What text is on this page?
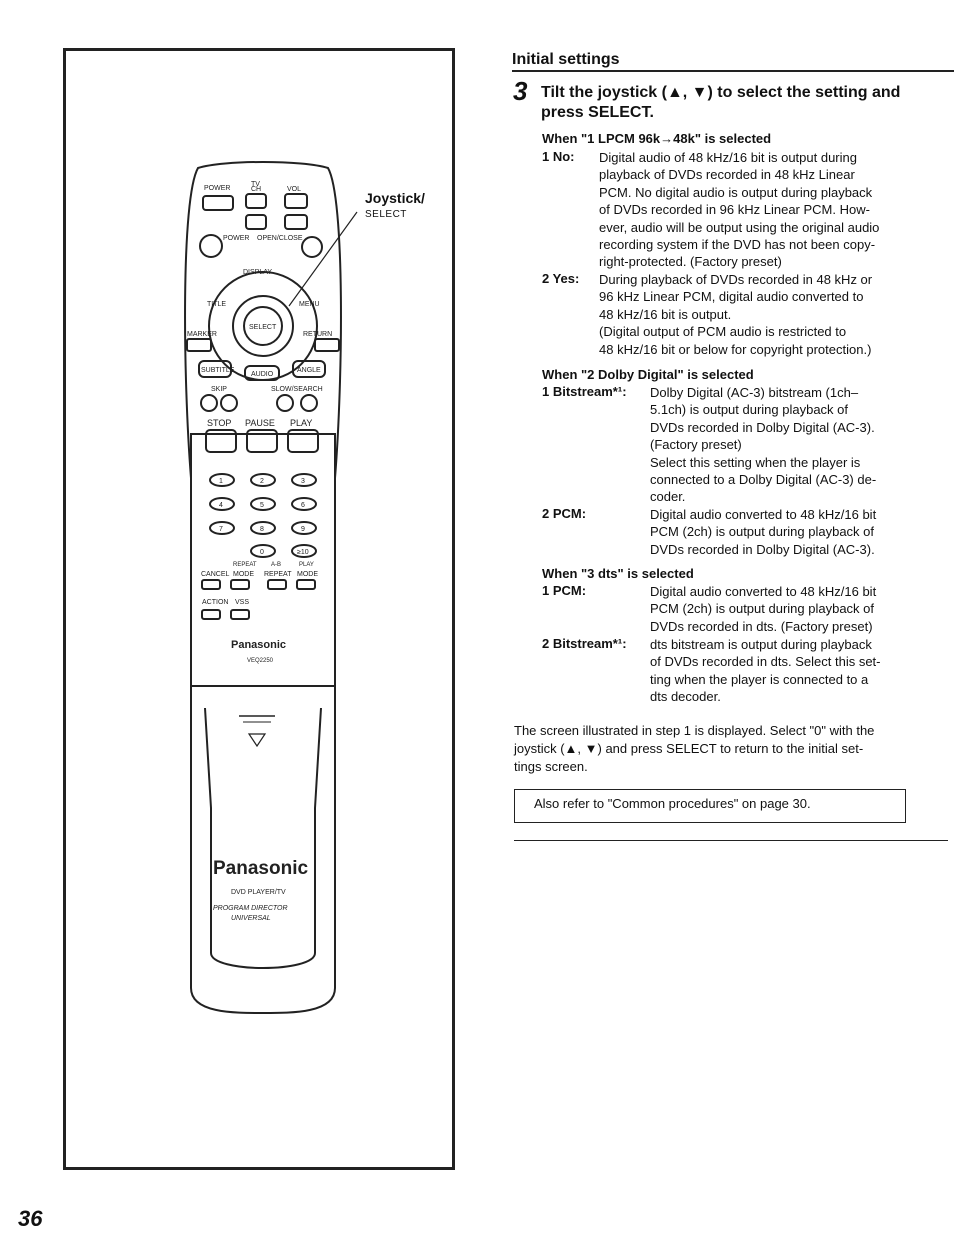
TV
POWER	CH	VOL
POWER OPEN/CLOSE
DISPLAY
TITLE	MENU
MARKER	RETURN
SELECT
SUBTITLE
AUDIO
ANGLE
SKIP	SLOW/SEARCH
STOP PAUSE PLAY
1	2	3
4	5	6
7	8	9
0	≥10
REPEAT A-B	PLAY
CANCEL MODE REPEAT MODE
ACTION VSS
Panasonic
VEQ2250
Panasonic
DVD PLAYER/TV
PROGRAM DIRECTOR
UNIVERSAL
Joystick/
SELECT
Initial settings
3 Tilt the joystick (▲, ▼) to select the setting and press SELECT.
When "1 LPCM 96k→48k" is selected
1 No: Digital audio of 48 kHz/16 bit is output during
playback of DVDs recorded in 48 kHz Linear
PCM. No digital audio is output during playback
of DVDs recorded in 96 kHz Linear PCM. How-
ever, audio will be output using the original audio
recording system if the DVD has not been copy-
right-protected. (Factory preset)
2 Yes: During playback of DVDs recorded in 48 kHz or
96 kHz Linear PCM, digital audio converted to
48 kHz/16 bit is output.
(Digital output of PCM audio is restricted to
48 kHz/16 bit or below for copyright protection.)
When "2 Dolby Digital" is selected
1 Bitstream*¹: Dolby Digital (AC-3) bitstream (1ch–
5.1ch) is output during playback of
DVDs recorded in Dolby Digital (AC-3).
(Factory preset)
Select this setting when the player is
connected to a Dolby Digital (AC-3) de-
coder.
2 PCM:	Digital audio converted to 48 kHz/16 bit
PCM (2ch) is output during playback of
DVDs recorded in Dolby Digital (AC-3).
When "3 dts" is selected
1 PCM:	Digital audio converted to 48 kHz/16 bit
PCM (2ch) is output during playback of
DVDs recorded in dts. (Factory preset)
2 Bitstream*¹: dts bitstream is output during playback
of DVDs recorded in dts. Select this set-
ting when the player is connected to a
dts decoder.
The screen illustrated in step 1 is displayed. Select "0" with the
joystick (▲, ▼) and press SELECT to return to the initial set-
tings screen.
Also refer to "Common procedures" on page 30.
36
